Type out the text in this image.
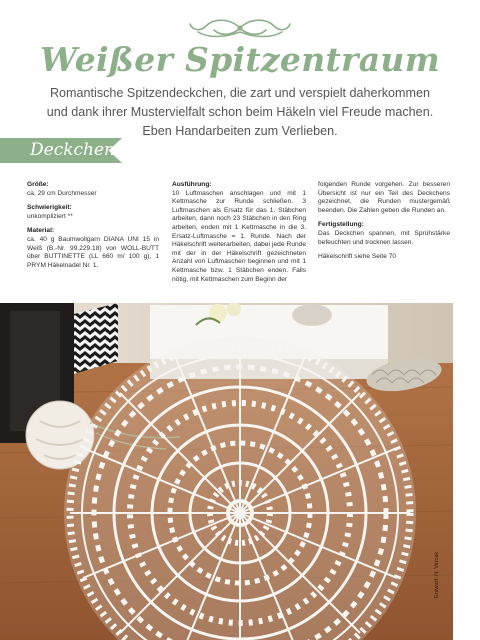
Weißer Spitzentraum
Romantische Spitzendeckchen, die zart und verspielt daherkommen
und dank ihrer Mustervielfalt schon beim Häkeln viel Freude machen.
Eben Handarbeiten zum Verlieben.
Deckchen
Größe:

ca. 29 cm Durchmesser

Schwierigkeit:

unkompliziert **

Material:

ca. 40 g Baumwollgarn DIANA UNI 15 in Weiß (B.-Nr. 99.229.18) von WOLL-BUTT über BUTTINETTE (LL 660 m/ 100 g), 1 PRYM Häkelnadel Nr. 1.

Ausführung:

10 Luftmaschen anschlagen und mit 1 Kettmasche zur Runde schließen. 3 Luftmaschen als Ersatz für das 1. Stäbchen arbeiten, dann noch 23 Stäbchen in den Ring arbeiten, enden mit 1 Kettmasche in die 3. Ersatz-Luftmasche = 1. Runde. Nach der Häkelschrift weiterarbeiten, dabei jede Runde mit der in der Häkelschrift gezeichneten Anzahl von Luftmaschen beginnen und mit 1 Kettmasche bzw. 1 Stäbchen enden. Falls nötig, mit Kettmaschen zum Beginn der

folgenden Runde vorgehen. Zur besseren Übersicht ist nur ein Teil des Deckchens gezeichnet, die Runden mustergemäß beenden. Die Zahlen geben die Runden an.

Fertigstellung:

Das Deckchen spannen, mit Sprühstärke befeuchten und trocknen lassen.

Häkelschrift siehe Seite 70

Entwurf: N. Varcak
